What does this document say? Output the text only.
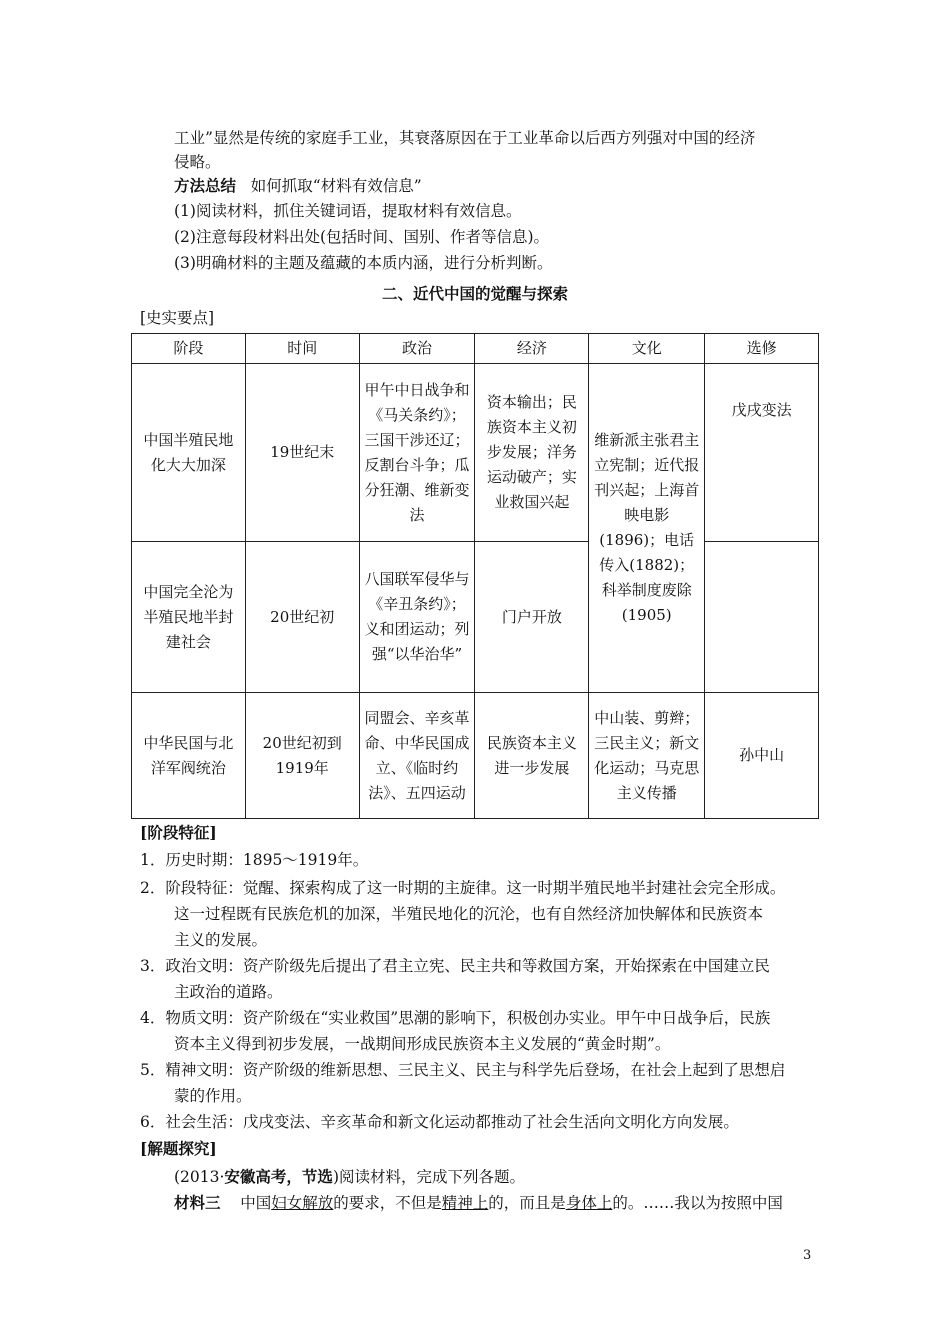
工业”显然是传统的家庭手工业，其衰落原因在于工业革命以后西方列强对中国的经济
侵略。
方法总结 如何抓取“材料有效信息”
(1)阅读材料，抓住关键词语，提取材料有效信息。
(2)注意每段材料出处(包括时间、国别、作者等信息)。
(3)明确材料的主题及蕴藏的本质内涵，进行分析判断。
二、近代中国的觉醒与探索
[史实要点]
阶段	时间	政治	经济	文化	选修
中国半殖民地化大大加深	19世纪末	甲午中日战争和《马关条约》；三国干涉还辽；反割台斗争；瓜分狂潮、维新变法	资本输出；民族资本主义初步发展；洋务运动破产；实业救国兴起	维新派主张君主立宪制；近代报刊兴起；上海首映电影(1896)；电话传入(1882)；科举制度废除(1905)	戊戌变法
中国完全沦为半殖民地半封建社会	20世纪初	八国联军侵华与《辛丑条约》；义和团运动；列强“以华治华”	门户开放		
中华民国与北洋军阀统治	20世纪初到1919年	同盟会、辛亥革命、中华民国成立、《临时约法》、五四运动	民族资本主义进一步发展	中山装、剪辫；三民主义；新文化运动；马克思主义传播	孙中山
[阶段特征]
1．历史时期：1895～1919年。
2．阶段特征：觉醒、探索构成了这一时期的主旋律。这一时期半殖民地半封建社会完全形成。
这一过程既有民族危机的加深，半殖民地化的沉沦，也有自然经济加快解体和民族资本
主义的发展。
3．政治文明：资产阶级先后提出了君主立宪、民主共和等救国方案，开始探索在中国建立民
主政治的道路。
4．物质文明：资产阶级在“实业救国”思潮的影响下，积极创办实业。甲午中日战争后，民族
资本主义得到初步发展，一战期间形成民族资本主义发展的“黄金时期”。
5．精神文明：资产阶级的维新思想、三民主义、民主与科学先后登场，在社会上起到了思想启
蒙的作用。
6．社会生活：戊戌变法、辛亥革命和新文化运动都推动了社会生活向文明化方向发展。
[解题探究]
(2013·安徽高考，节选)阅读材料，完成下列各题。
材料三 中国妇女解放的要求，不但是精神上的，而且是身体上的。……我以为按照中国
3
